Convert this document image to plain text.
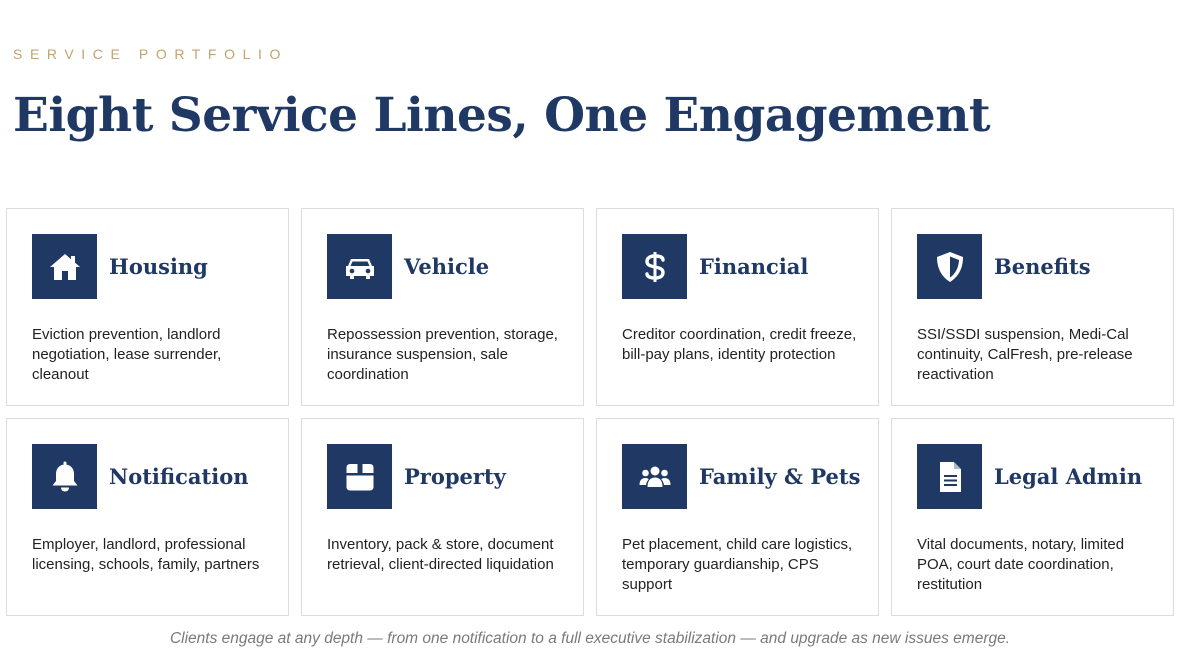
SERVICE PORTFOLIO
Eight Service Lines, One Engagement
Housing
Eviction prevention, landlord negotiation, lease surrender, cleanout
Vehicle
Repossession prevention, storage, insurance suspension, sale coordination
Financial
Creditor coordination, credit freeze, bill-pay plans, identity protection
Benefits
SSI/SSDI suspension, Medi-Cal continuity, CalFresh, pre-release reactivation
Notification
Employer, landlord, professional licensing, schools, family, partners
Property
Inventory, pack & store, document retrieval, client-directed liquidation
Family & Pets
Pet placement, child care logistics, temporary guardianship, CPS support
Legal Admin
Vital documents, notary, limited POA, court date coordination, restitution
Clients engage at any depth — from one notification to a full executive stabilization — and upgrade as new issues emerge.
